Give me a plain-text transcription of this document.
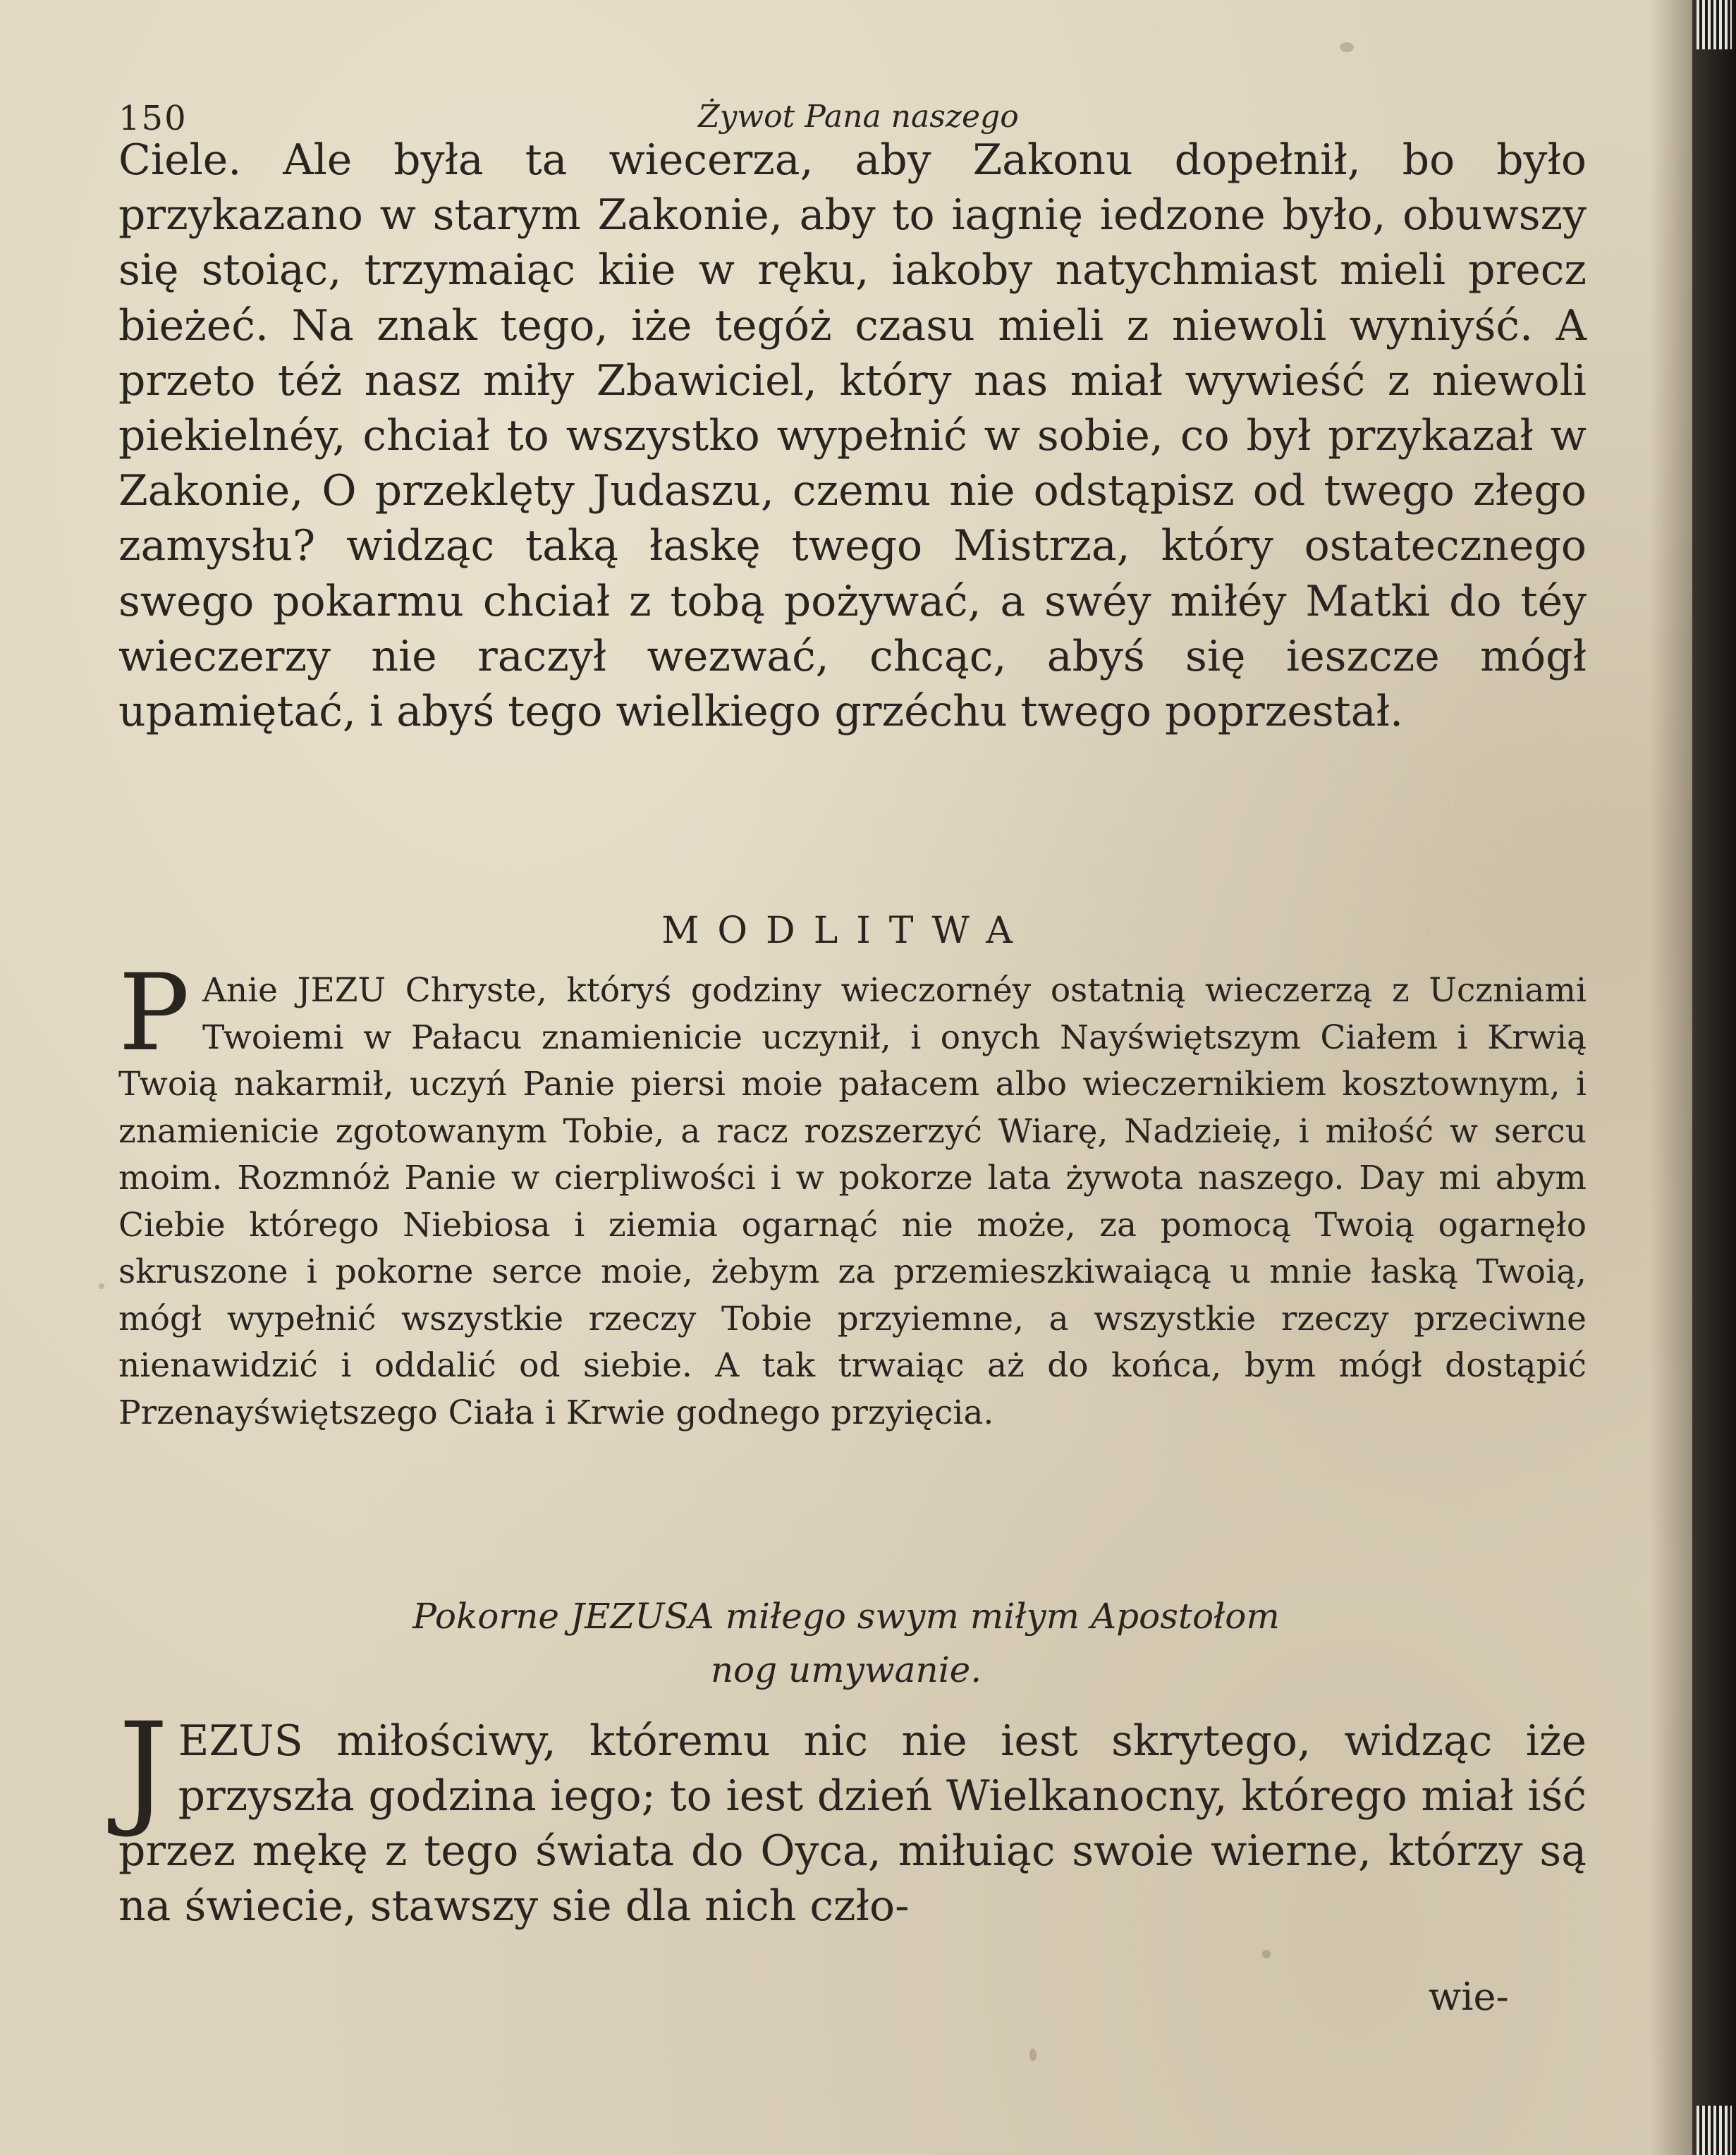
150	Żywot Pana naszego

Ciele. Ale była ta wiecerza, aby Zakonu dopełnił, bo było przykazano w starym Zakonie, aby to iagnię iedzone było, obuwszy się stoiąc, trzymaiąc kiie w ręku, iakoby natychmiast mieli precz bieżeć. Na znak tego, iże tegóż czasu mieli z niewoli wyniyść. A przeto téż nasz miły Zbawiciel, który nas miał wywieść z niewoli piekielnéy, chciał to wszystko wypełnić w sobie, co był przykazał w Zakonie, O przeklęty Judaszu, czemu nie odstąpisz od twego złego zamysłu? widząc taką łaskę twego Mistrza, który ostatecznego swego pokarmu chciał z tobą pożywać, a swéy miłéy Matki do téy wieczerzy nie raczył wezwać, chcąc, abyś się ieszcze mógł upamiętać, i abyś tego wielkiego grzéchu twego poprzestał.

MODLITWA

P Anie JEZU Chryste, któryś godziny wieczornéy ostatnią wieczerzą z Uczniami Twoiemi w Pałacu znamienicie uczynił, i onych Nayświętszym Ciałem i Krwią Twoią nakarmił, uczyń Panie piersi moie pałacem albo wieczernikiem kosztownym, i znamienicie zgotowanym Tobie, a racz rozszerzyć Wiarę, Nadzieię, i miłość w sercu moim. Rozmnóż Panie w cierpliwości i w pokorze lata żywota naszego. Day mi abym Ciebie którego Niebiosa i ziemia ogarnąć nie może, za pomocą Twoią ogarnęło skruszone i pokorne serce moie, żebym za przemieszkiwaiącą u mnie łaską Twoią, mógł wypełnić wszystkie rzeczy Tobie przyiemne, a wszystkie rzeczy przeciwne nienawidzić i oddalić od siebie. A tak trwaiąc aż do końca, bym mógł dostąpić Przenayświętszego Ciała i Krwie godnego przyięcia.

Pokorne JEZUSA miłego swym miłym Apostołom
nog umywanie.

JEZUS miłościwy, któremu nic nie iest skrytego, widząc iże przyszła godzina iego; to iest dzień Wielkanocny, którego miał iść przez mękę z tego świata do Oyca, miłuiąc swoie wierne, którzy są na świecie, stawszy sie dla nich czło-

wie-
